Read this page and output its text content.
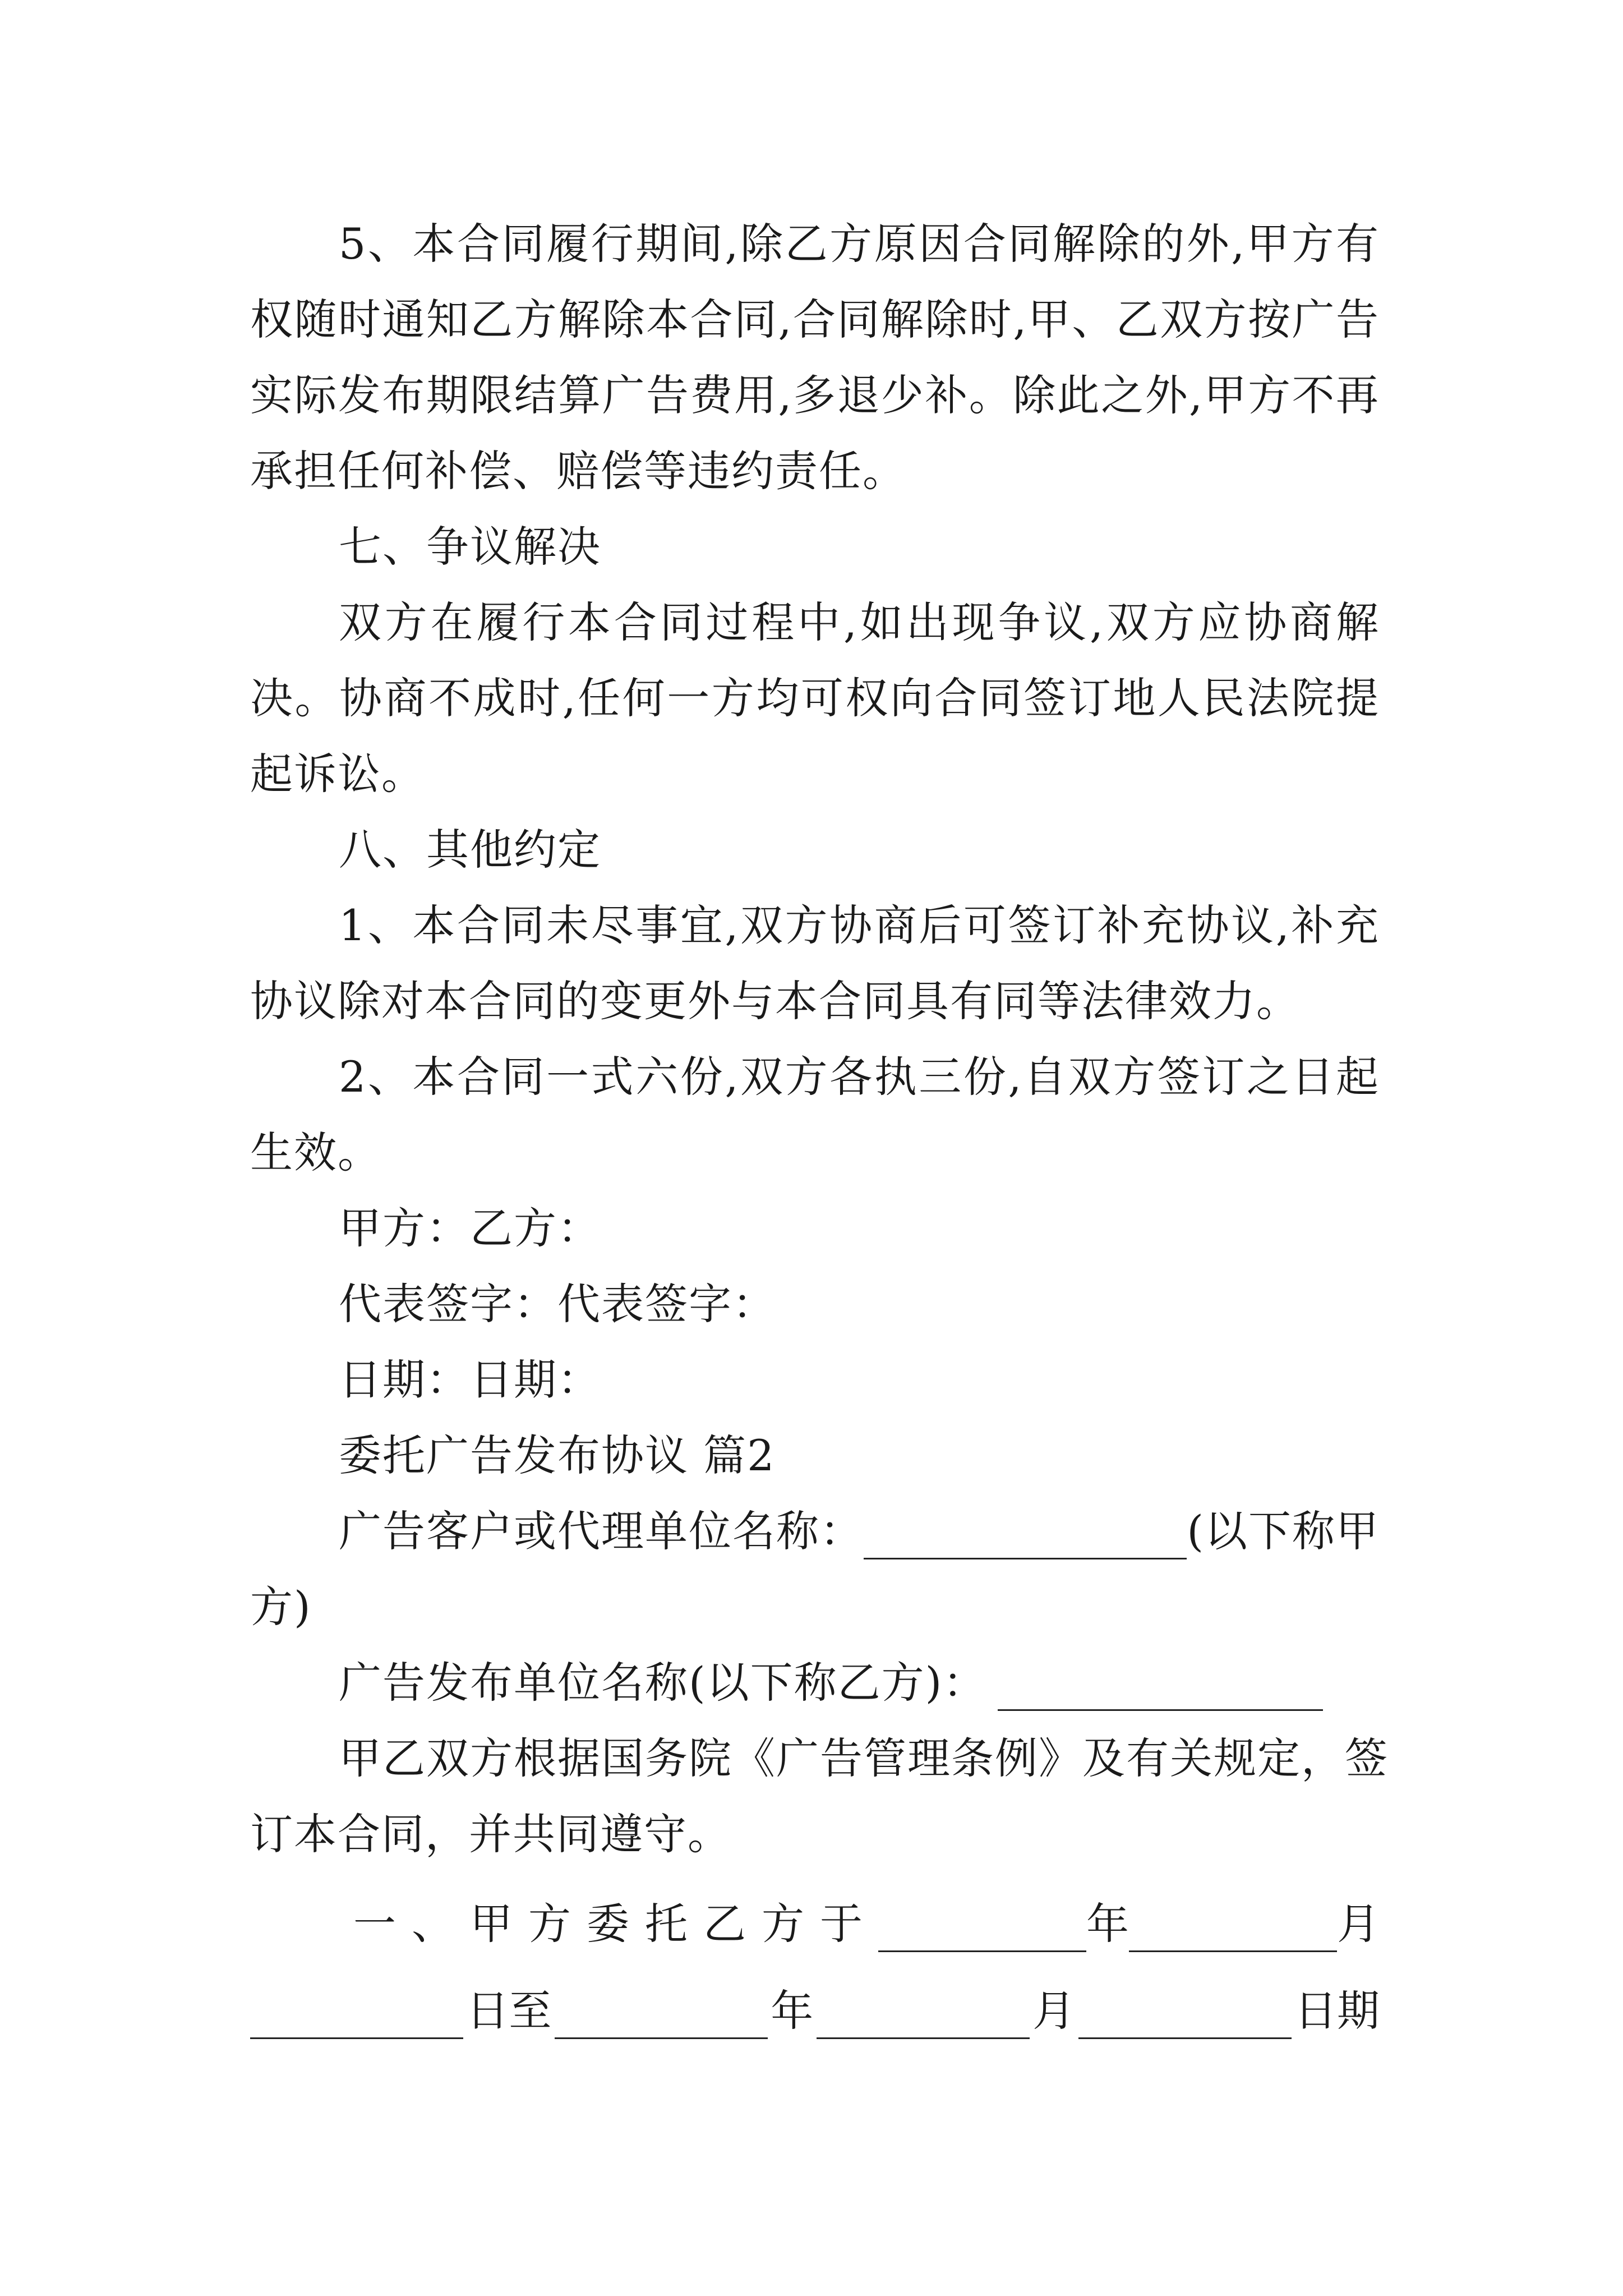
5、本合同履行期间,除乙方原因合同解除的外,甲方有
权随时通知乙方解除本合同,合同解除时,甲、乙双方按广告
实际发布期限结算广告费用,多退少补。除此之外,甲方不再
承担任何补偿、赔偿等违约责任。
七、争议解决
双方在履行本合同过程中,如出现争议,双方应协商解
决。协商不成时,任何一方均可权向合同签订地人民法院提
起诉讼。
八、其他约定
1、本合同未尽事宜,双方协商后可签订补充协议,补充
协议除对本合同的变更外与本合同具有同等法律效力。
2、本合同一式六份,双方各执三份,自双方签订之日起
生效。
甲方：乙方：
代表签字：代表签字：
日期：日期：
委托广告发布协议 篇2
广告客户或代理单位名称：	(以下称甲
方)
广告发布单位名称(以下称乙方)：
甲乙双方根据国务院《广告管理条例》及有关规定，签
订本合同，并共同遵守。
一、甲方委托乙方于	年	月
日至	年	月	日期
